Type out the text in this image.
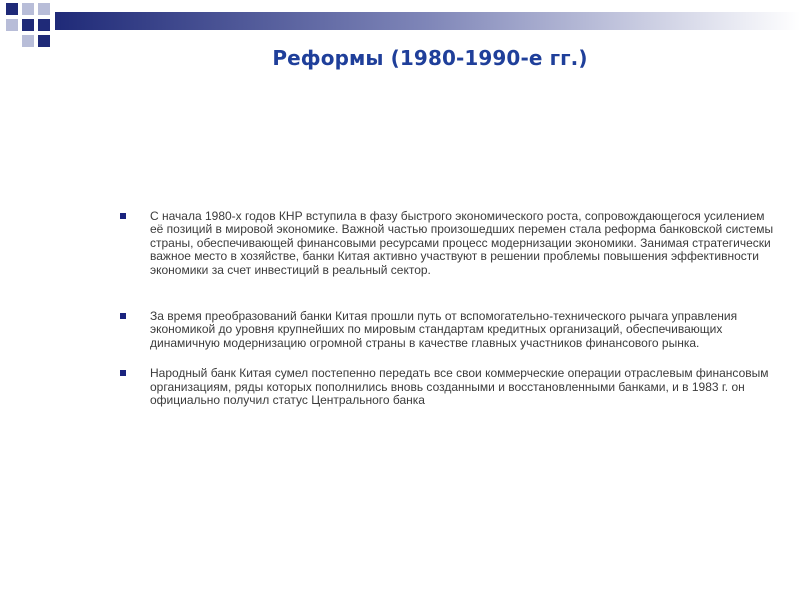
Реформы (1980-1990-е гг.)
С начала 1980-х годов КНР вступила в фазу быстрого экономического роста, сопровождающегося усилением её позиций в мировой экономике. Важной частью произошедших перемен стала реформа банковской системы страны, обеспечивающей финансовыми ресурсами процесс модернизации экономики. Занимая стратегически важное место в хозяйстве, банки Китая активно участвуют в решении проблемы повышения эффективности экономики за счет инвестиций в реальный сектор.
За время преобразований банки Китая прошли путь от вспомогательно-технического рычага управления экономикой до уровня крупнейших по мировым стандартам кредитных организаций, обеспечивающих динамичную модернизацию огромной страны в качестве главных участников финансового рынка.
Народный банк Китая сумел постепенно передать все свои коммерческие операции отраслевым финансовым организациям, ряды которых пополнились вновь созданными и восстановленными банками, и в 1983 г. он официально получил статус Центрального банка
